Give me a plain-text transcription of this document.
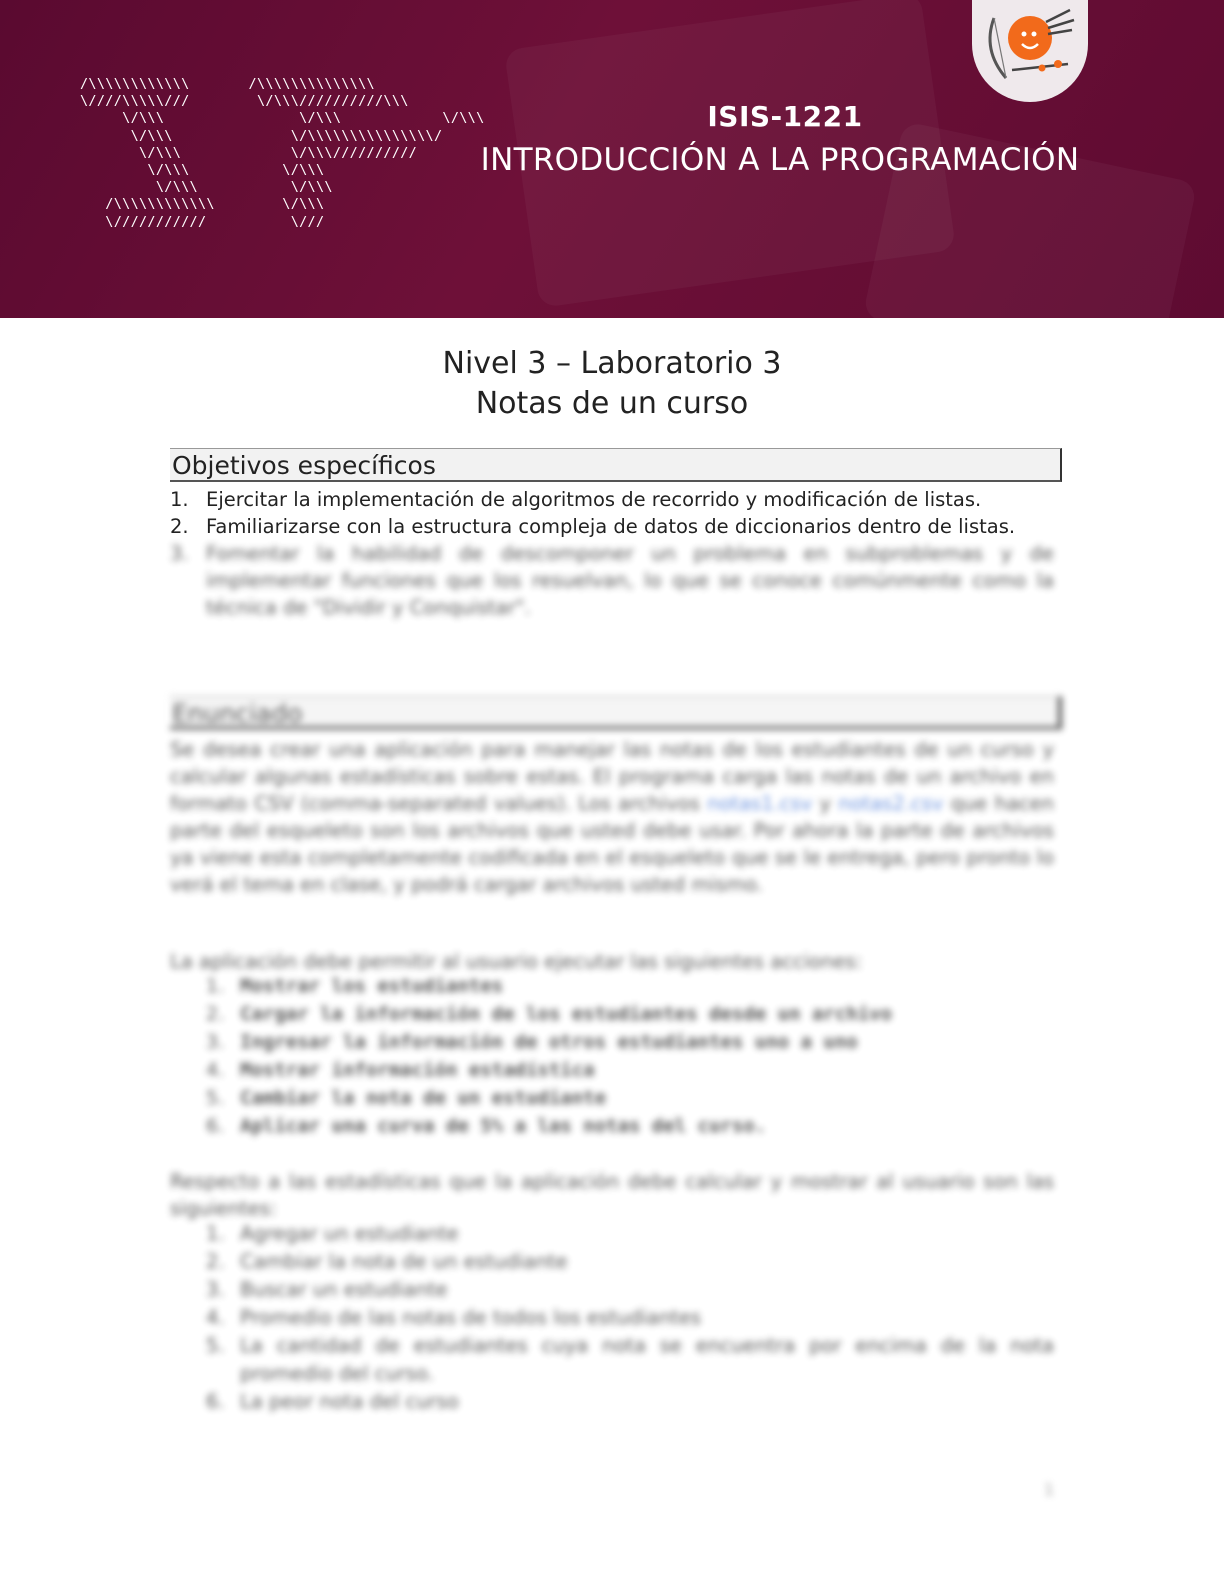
/\\\\\\\\\\\\       /\\\\\\\\\\\\\\
\////\\\\\///        \/\\\//////////\\\
\/\\\                \/\\\            \/\\\
\/\\\              \/\\\\\\\\\\\\\\\/
\/\\\             \/\\\//////////
\/\\\           \/\\\
\/\\\           \/\\\
/\\\\\\\\\\\\        \/\\\
\///////////          \///
ISIS-1221
INTRODUCCIÓN A LA PROGRAMACIÓN
Nivel 3 – Laboratorio 3
Notas de un curso
Objetivos específicos
1. Ejercitar la implementación de algoritmos de recorrido y modificación de listas.
2. Familiarizarse con la estructura compleja de datos de diccionarios dentro de listas.
3. Fomentar la habilidad de descomponer un problema en subproblemas y de implementar funciones que los resuelvan, lo que se conoce comúnmente como la técnica de "Dividir y Conquistar".
Enunciado

Se desea crear una aplicación para manejar las notas de los estudiantes de un curso y calcular algunas estadísticas sobre estas. El programa carga las notas de un archivo en formato CSV (comma-separated values). Los archivos notas1.csv y notas2.csv que hacen parte del esqueleto son los archivos que usted debe usar. Por ahora la parte de archivos ya viene esta completamente codificada en el esqueleto que se le entrega, pero pronto lo verá el tema en clase, y podrá cargar archivos usted mismo.

La aplicación debe permitir al usuario ejecutar las siguientes acciones:

1. Mostrar los estudiantes
2. Cargar la información de los estudiantes desde un archivo
3. Ingresar la información de otros estudiantes uno a uno
4. Mostrar información estadística
5. Cambiar la nota de un estudiante
6. Aplicar una curva de 5% a las notas del curso.

Respecto a las estadísticas que la aplicación debe calcular y mostrar al usuario son las siguientes:

1. Agregar un estudiante
2. Cambiar la nota de un estudiante
3. Buscar un estudiante
4. Promedio de las notas de todos los estudiantes
5. La cantidad de estudiantes cuya nota se encuentra por encima de la nota promedio del curso.
6. La peor nota del curso
1
